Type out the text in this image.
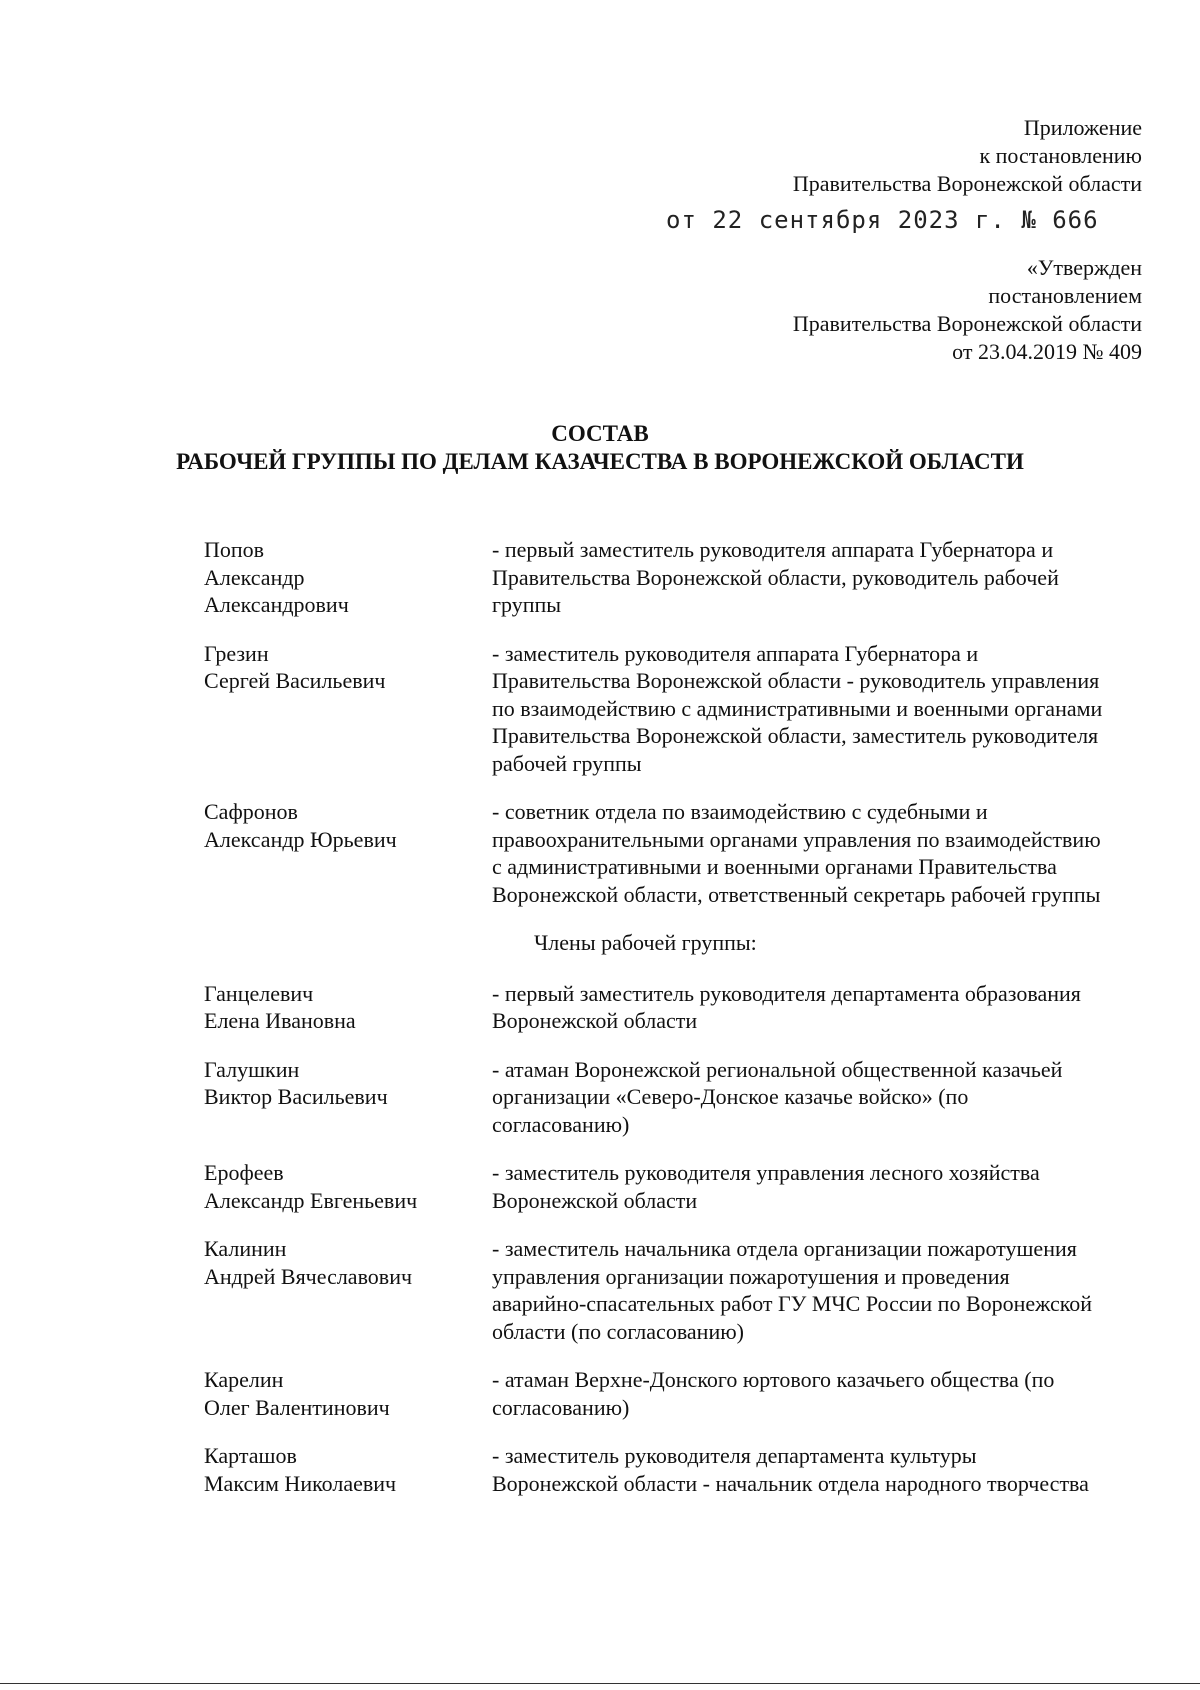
Приложение
к постановлению
Правительства Воронежской области
от 22 сентября 2023 г. № 666
«Утвержден
постановлением
Правительства Воронежской области
от 23.04.2019 № 409
СОСТАВ
РАБОЧЕЙ ГРУППЫ ПО ДЕЛАМ КАЗАЧЕСТВА В ВОРОНЕЖСКОЙ ОБЛАСТИ
Попов
Александр
Александрович
- первый заместитель руководителя аппарата Губернатора и Правительства Воронежской области, руководитель рабочей группы
Грезин
Сергей Васильевич
- заместитель руководителя аппарата Губернатора и Правительства Воронежской области - руководитель управления по взаимодействию с административными и военными органами Правительства Воронежской области, заместитель руководителя рабочей группы
Сафронов
Александр Юрьевич
- советник отдела по взаимодействию с судебными и правоохранительными органами управления по взаимодействию с административными и военными органами Правительства Воронежской области, ответственный секретарь рабочей группы
Члены рабочей группы:
Ганцелевич
Елена Ивановна
- первый заместитель руководителя департамента образования Воронежской области
Галушкин
Виктор Васильевич
- атаман Воронежской региональной общественной казачьей организации «Северо-Донское казачье войско» (по согласованию)
Ерофеев
Александр Евгеньевич
- заместитель руководителя управления лесного хозяйства Воронежской области
Калинин
Андрей Вячеславович
- заместитель начальника отдела организации пожаротушения управления организации пожаротушения и проведения аварийно-спасательных работ ГУ МЧС России по Воронежской области (по согласованию)
Карелин
Олег Валентинович
- атаман Верхне-Донского юртового казачьего общества (по согласованию)
Карташов
Максим Николаевич
- заместитель руководителя департамента культуры Воронежской области - начальник отдела народного творчества
